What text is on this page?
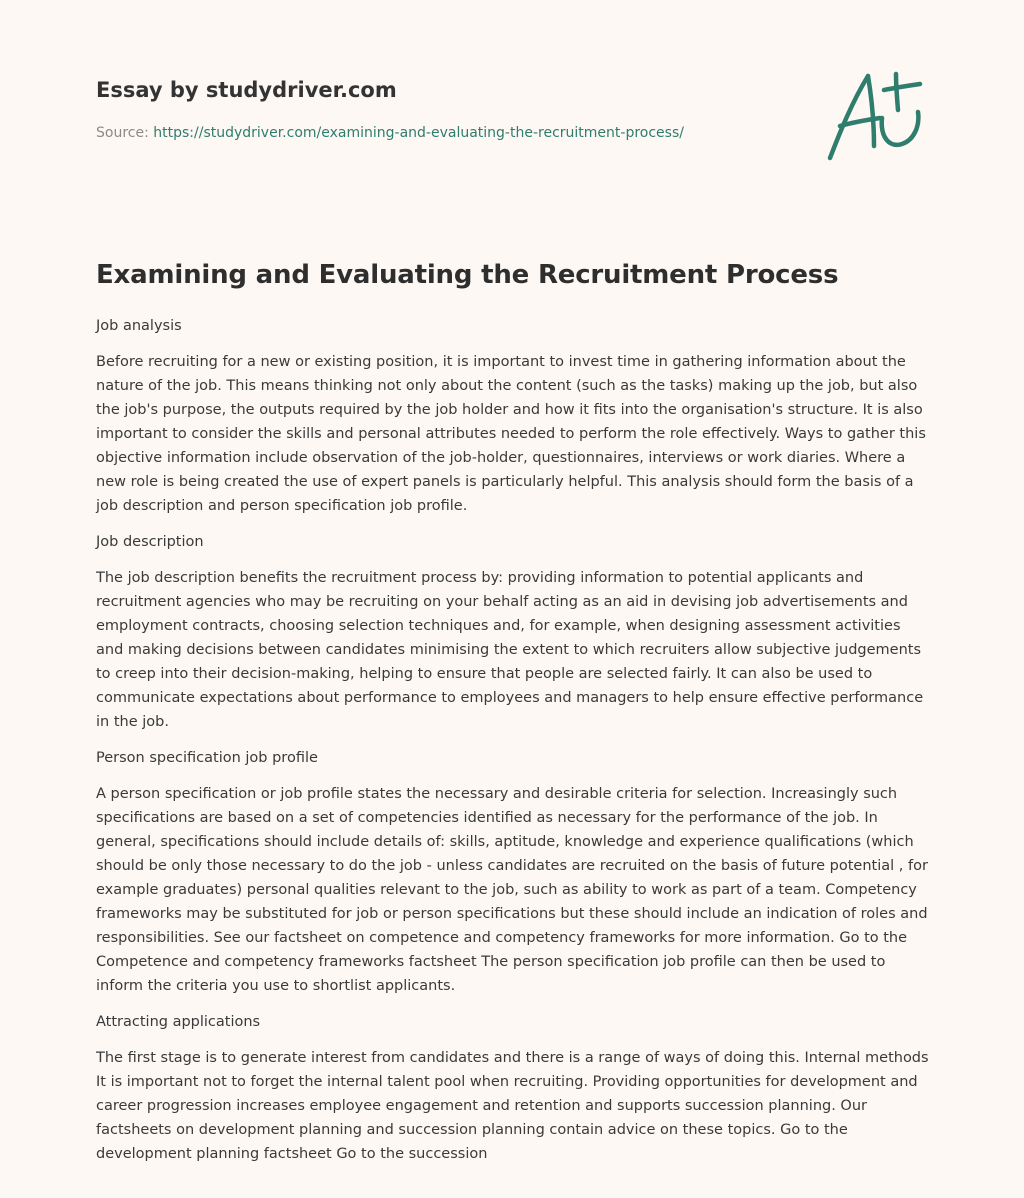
Essay by studydriver.com

Source: https://studydriver.com/examining-and-evaluating-the-recruitment-process/
Examining and Evaluating the Recruitment Process

Job analysis

Before recruiting for a new or existing position, it is important to invest time in gathering information about the nature of the job. This means thinking not only about the content (such as the tasks) making up the job, but also the job's purpose, the outputs required by the job holder and how it fits into the organisation's structure. It is also important to consider the skills and personal attributes needed to perform the role effectively. Ways to gather this objective information include observation of the job-holder, questionnaires, interviews or work diaries. Where a new role is being created the use of expert panels is particularly helpful. This analysis should form the basis of a job description and person specification job profile.

Job description

The job description benefits the recruitment process by: providing information to potential applicants and recruitment agencies who may be recruiting on your behalf acting as an aid in devising job advertisements and employment contracts, choosing selection techniques and, for example, when designing assessment activities and making decisions between candidates minimising the extent to which recruiters allow subjective judgements to creep into their decision-making, helping to ensure that people are selected fairly. It can also be used to communicate expectations about performance to employees and managers to help ensure effective performance in the job.

Person specification job profile

A person specification or job profile states the necessary and desirable criteria for selection. Increasingly such specifications are based on a set of competencies identified as necessary for the performance of the job. In general, specifications should include details of: skills, aptitude, knowledge and experience qualifications (which should be only those necessary to do the job - unless candidates are recruited on the basis of future potential , for example graduates) personal qualities relevant to the job, such as ability to work as part of a team. Competency frameworks may be substituted for job or person specifications but these should include an indication of roles and responsibilities. See our factsheet on competence and competency frameworks for more information. Go to the Competence and competency frameworks factsheet The person specification job profile can then be used to inform the criteria you use to shortlist applicants.

Attracting applications

The first stage is to generate interest from candidates and there is a range of ways of doing this. Internal methods It is important not to forget the internal talent pool when recruiting. Providing opportunities for development and career progression increases employee engagement and retention and supports succession planning. Our factsheets on development planning and succession planning contain advice on these topics. Go to the development planning factsheet Go to the succession
